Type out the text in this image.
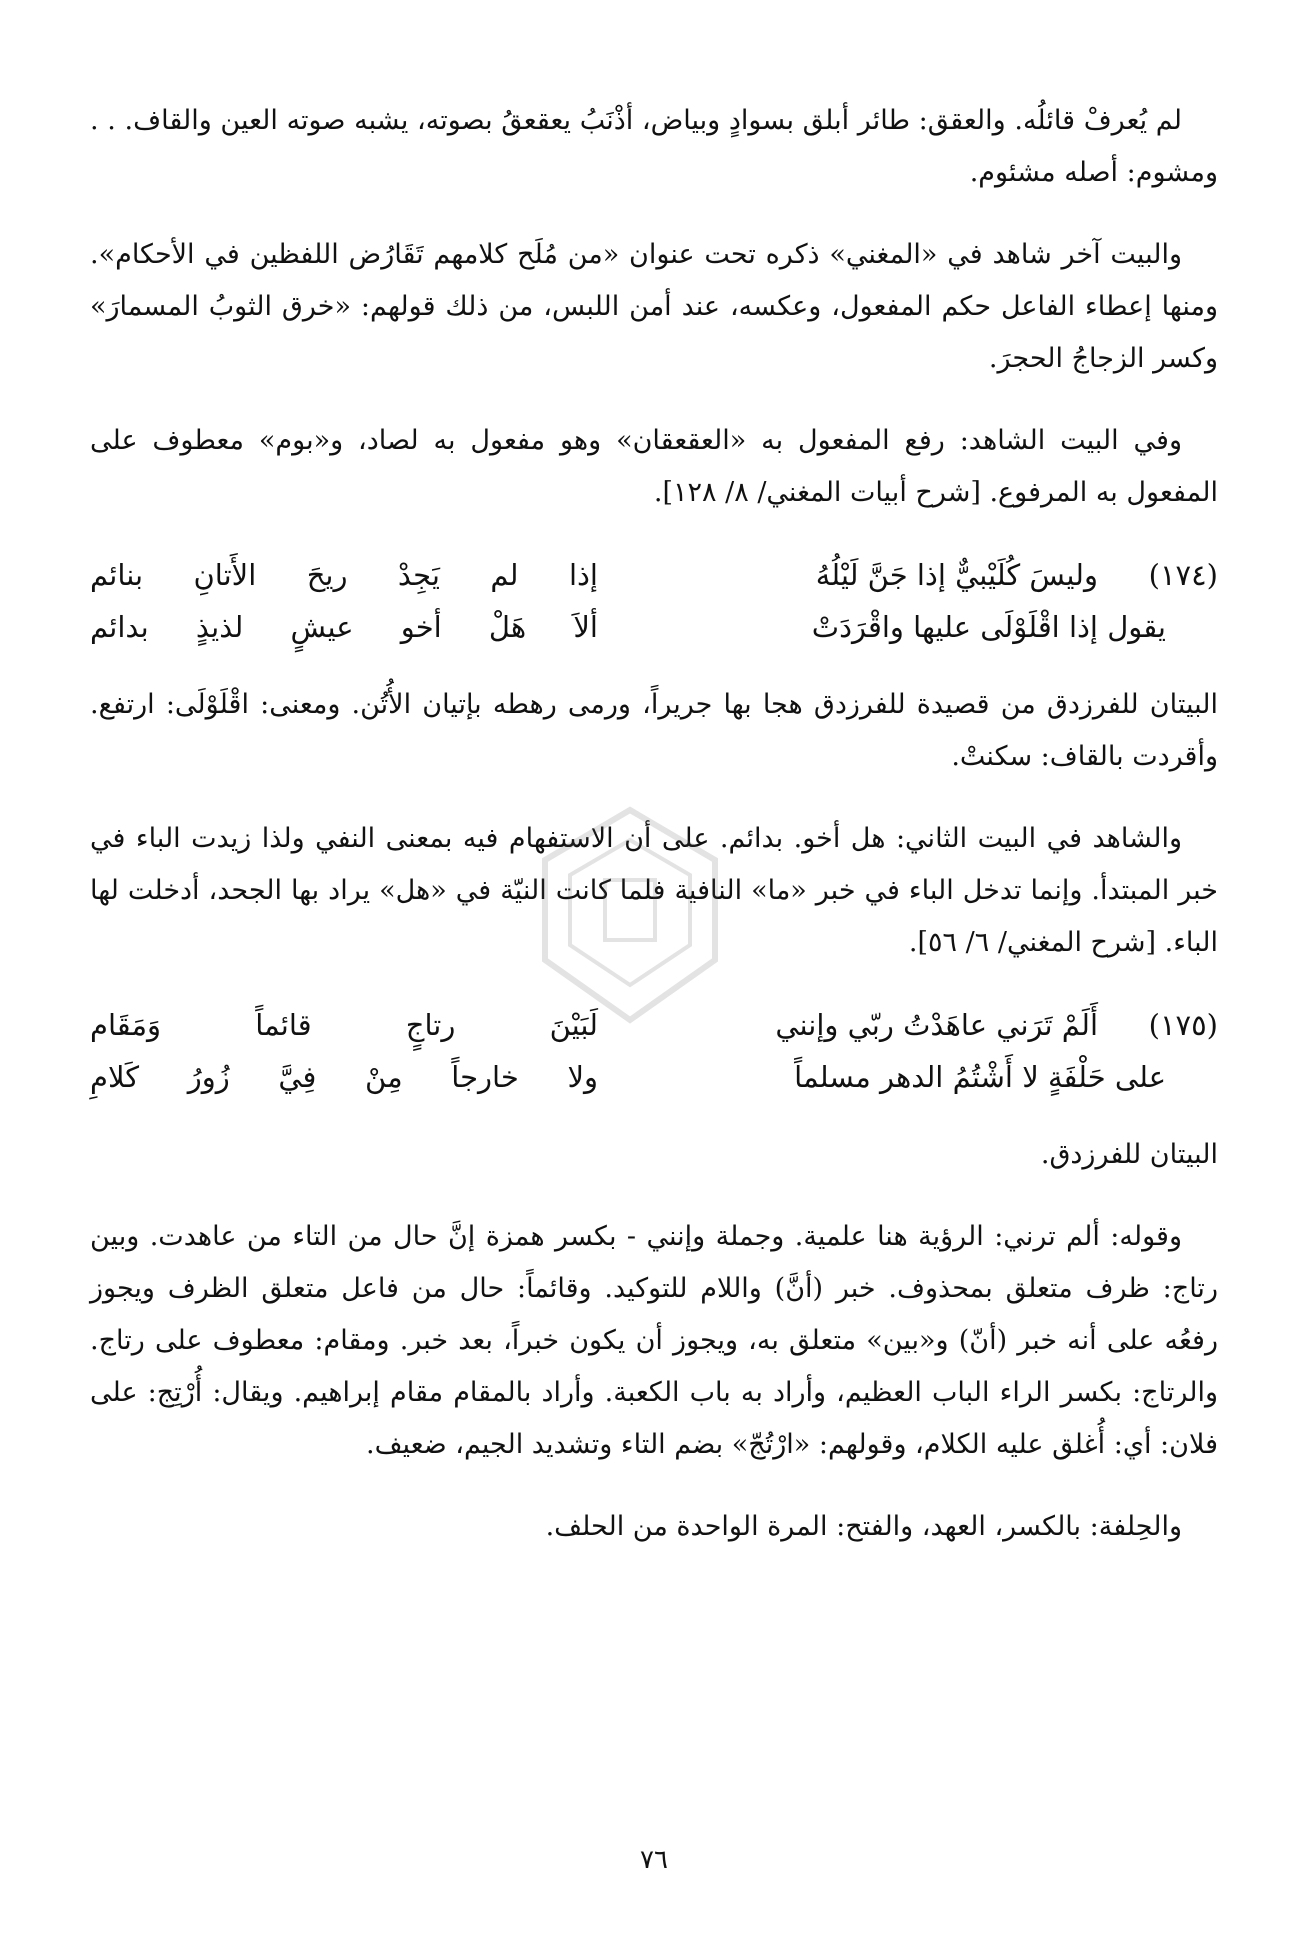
لم يُعرفْ قائلُه. والعقق: طائر أبلق بسوادٍ وبياض، أذْنَبُ يعقعقُ بصوته، يشبه صوته العين والقاف. . . ومشوم: أصله مشئوم.

والبيت آخر شاهد في «المغني» ذكره تحت عنوان «من مُلَح كلامهم تَقَارُض اللفظين في الأحكام». ومنها إعطاء الفاعل حكم المفعول، وعكسه، عند أمن اللبس، من ذلك قولهم: «خرق الثوبُ المسمارَ» وكسر الزجاجُ الحجرَ.

وفي البيت الشاهد: رفع المفعول به «العقعقان» وهو مفعول به لصاد، و«بوم» معطوف على المفعول به المرفوع. [شرح أبيات المغني/ ٨/ ١٢٨].

(١٧٤)
وليسَ كُلَيْبيٌّ إذا جَنَّ لَيْلُهُ
إذا لم يَجِدْ ريحَ الأَتانِ بنائم
يقول إذا اقْلَوْلَى عليها واقْرَدَتْ
ألاَ هَلْ أخو عيشٍ لذيذٍ بدائم

البيتان للفرزدق من قصيدة للفرزدق هجا بها جريراً، ورمى رهطه بإتيان الأُتُن. ومعنى: اقْلَوْلَى: ارتفع. وأقردت بالقاف: سكنتْ.

والشاهد في البيت الثاني: هل أخو. بدائم. على أن الاستفهام فيه بمعنى النفي ولذا زيدت الباء في خبر المبتدأ. وإنما تدخل الباء في خبر «ما» النافية فلما كانت النيّة في «هل» يراد بها الجحد، أدخلت لها الباء. [شرح المغني/ ٦/ ٥٦].

(١٧٥)
أَلَمْ تَرَني عاهَدْتُ ربّي وإنني
لَبَيْنَ رتاجٍ قائماً وَمَقَام
على حَلْفَةٍ لا أَشْتُمُ الدهر مسلماً
ولا خارجاً مِنْ فِيَّ زُورُ كَلامِ

البيتان للفرزدق.

وقوله: ألم ترني: الرؤية هنا علمية. وجملة وإنني - بكسر همزة إنَّ حال من التاء من عاهدت. وبين رتاج: ظرف متعلق بمحذوف. خبر (أنَّ) واللام للتوكيد. وقائماً: حال من فاعل متعلق الظرف ويجوز رفعُه على أنه خبر (أنّ) و«بين» متعلق به، ويجوز أن يكون خبراً، بعد خبر. ومقام: معطوف على رتاج. والرتاج: بكسر الراء الباب العظيم، وأراد به باب الكعبة. وأراد بالمقام مقام إبراهيم. ويقال: أُرْتِج: على فلان: أي: أُغلق عليه الكلام، وقولهم: «ارْتُجّ» بضم التاء وتشديد الجيم، ضعيف.

والحِلفة: بالكسر، العهد، والفتح: المرة الواحدة من الحلف.

٧٦
